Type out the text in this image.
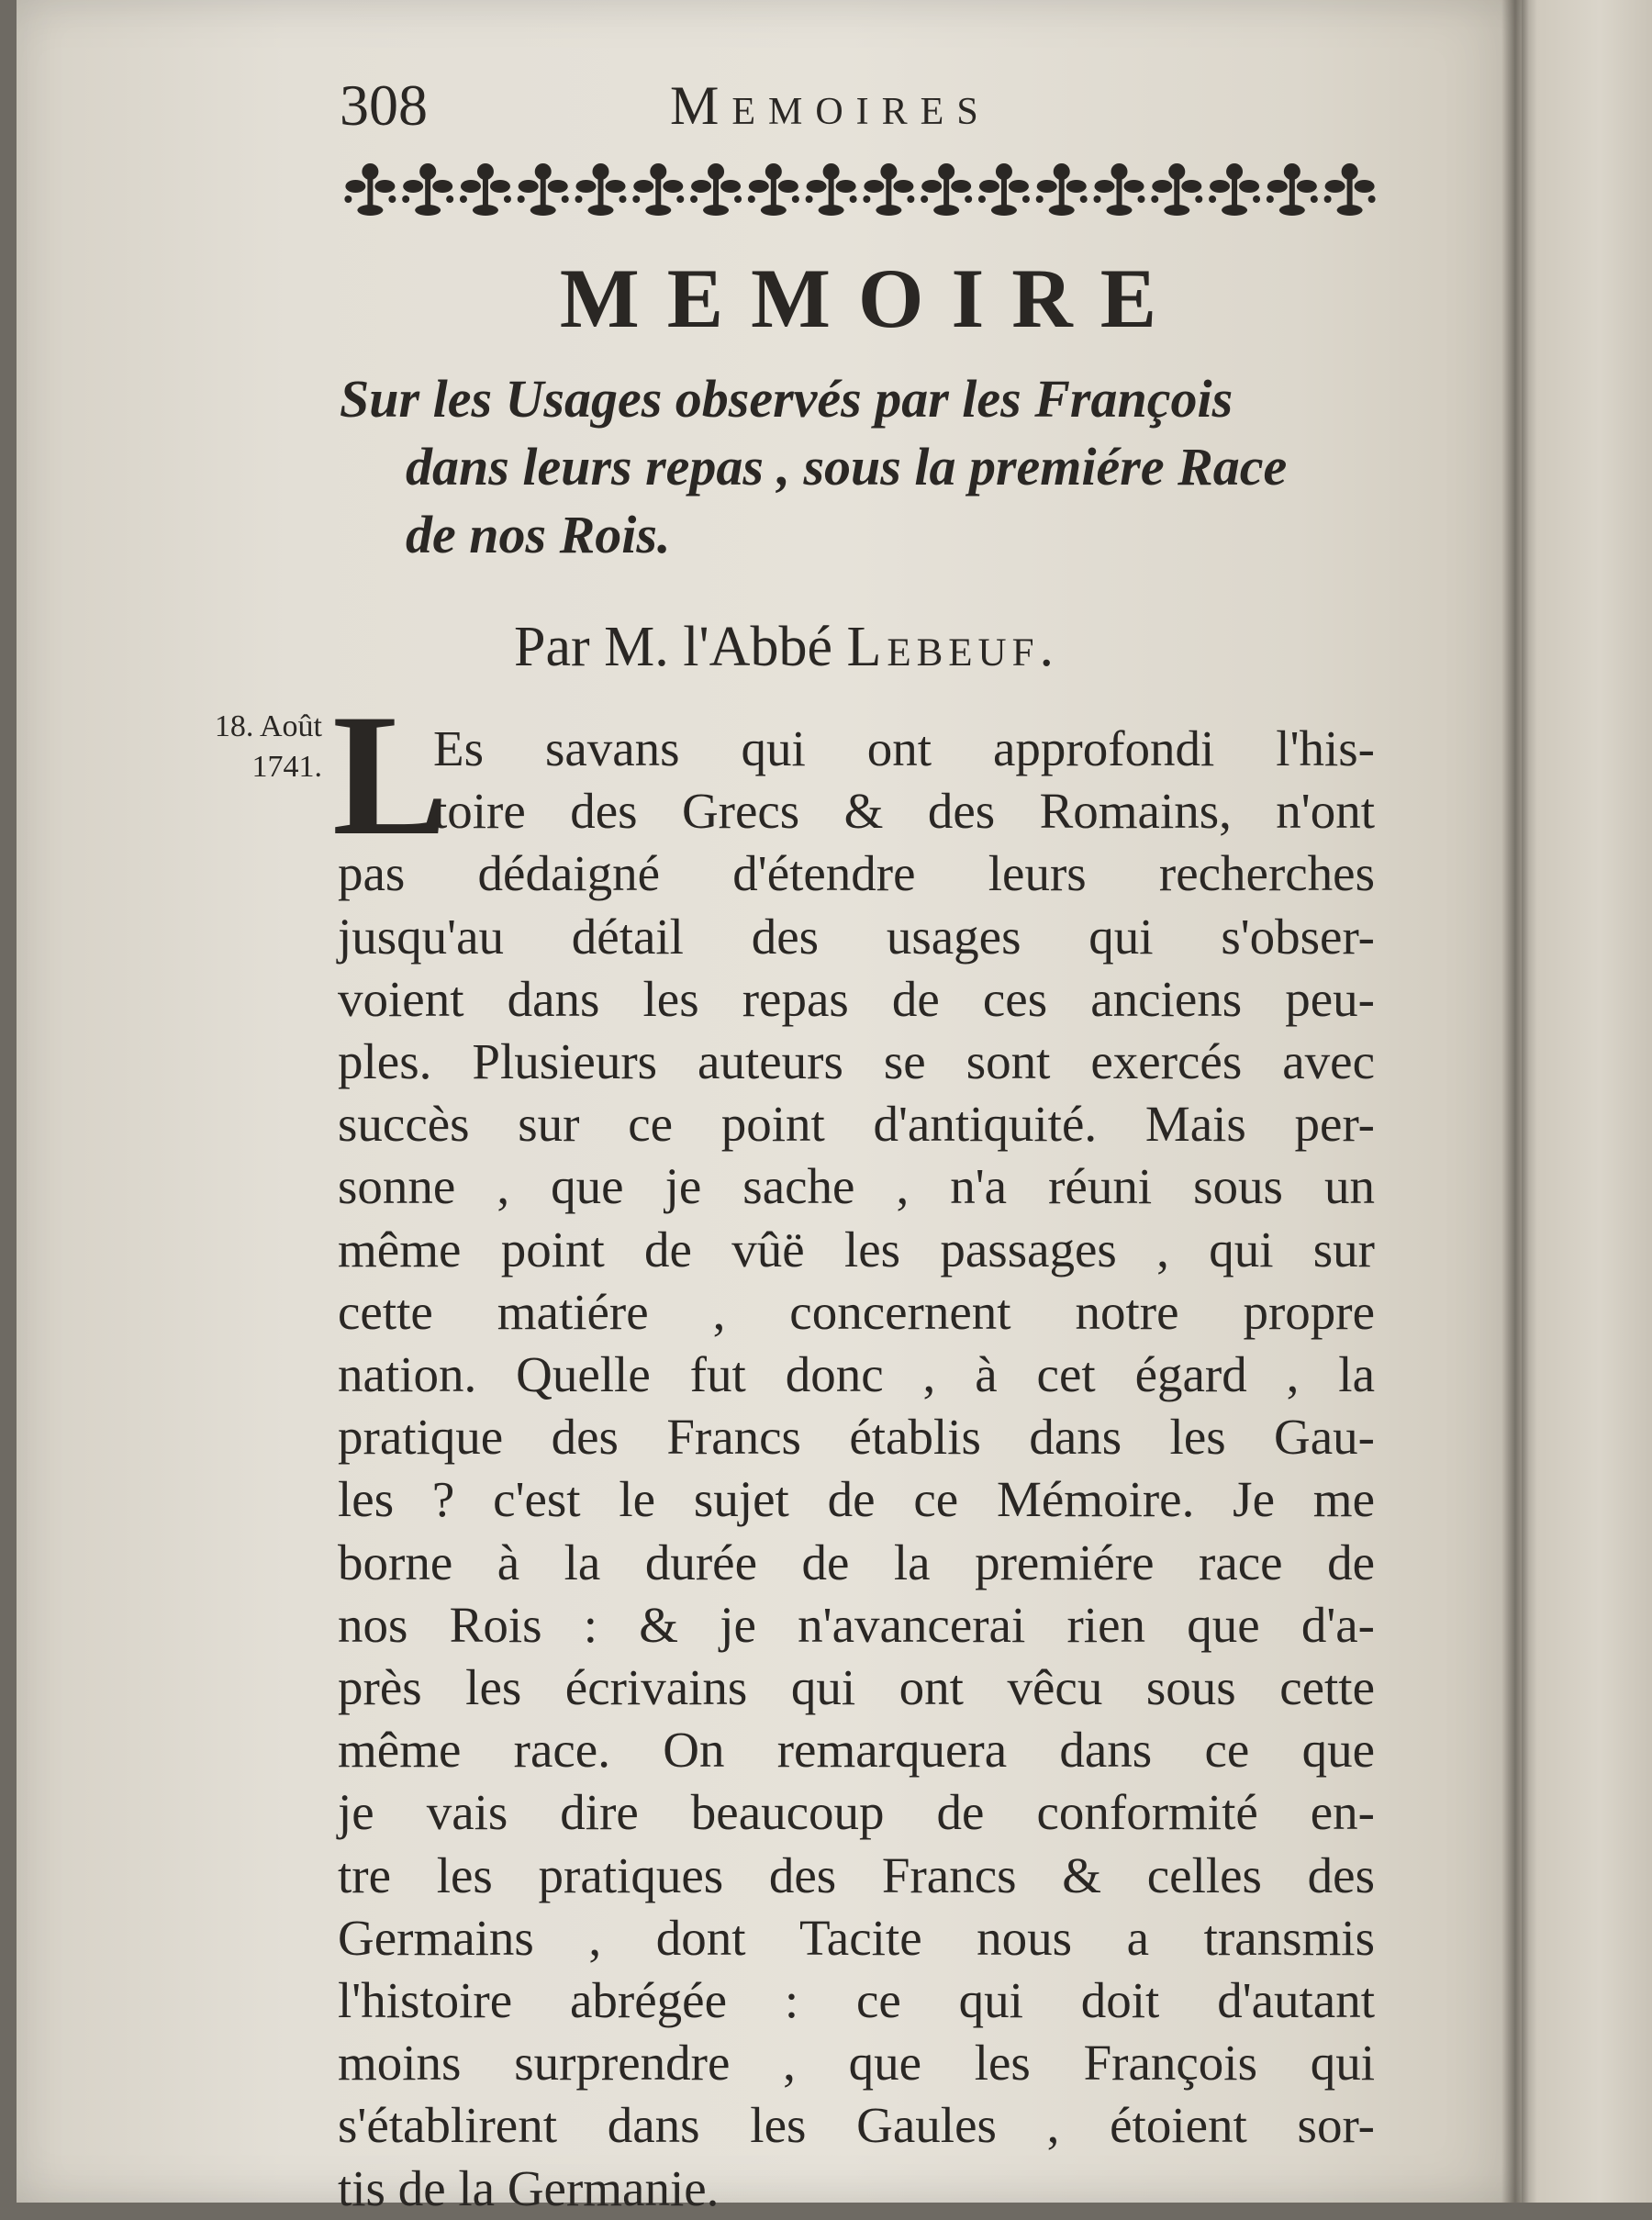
308	Memoires
MEMOIRE
Sur les Usages observés par les François
dans leurs repas , sous la premiére Race
de nos Rois.
Par M. l'Abbé Lebeuf.
18. Août
1741. L
Es savans qui ont approfondi l'his-
toire des Grecs & des Romains, n'ont
pas dédaigné d'étendre leurs recherches
jusqu'au détail des usages qui s'obser-
voient dans les repas de ces anciens peu-
ples. Plusieurs auteurs se sont exercés avec
succès sur ce point d'antiquité. Mais per-
sonne , que je sache , n'a réuni sous un
même point de vûë les passages , qui sur
cette matiére , concernent notre propre
nation. Quelle fut donc , à cet égard , la
pratique des Francs établis dans les Gau-
les ? c'est le sujet de ce Mémoire. Je me
borne à la durée de la premiére race de
nos Rois : & je n'avancerai rien que d'a-
près les écrivains qui ont vêcu sous cette
même race. On remarquera dans ce que
je vais dire beaucoup de conformité en-
tre les pratiques des Francs & celles des
Germains , dont Tacite nous a transmis
l'histoire abrégée : ce qui doit d'autant
moins surprendre , que les François qui
s'établirent dans les Gaules , étoient sor-
tis de la Germanie.
